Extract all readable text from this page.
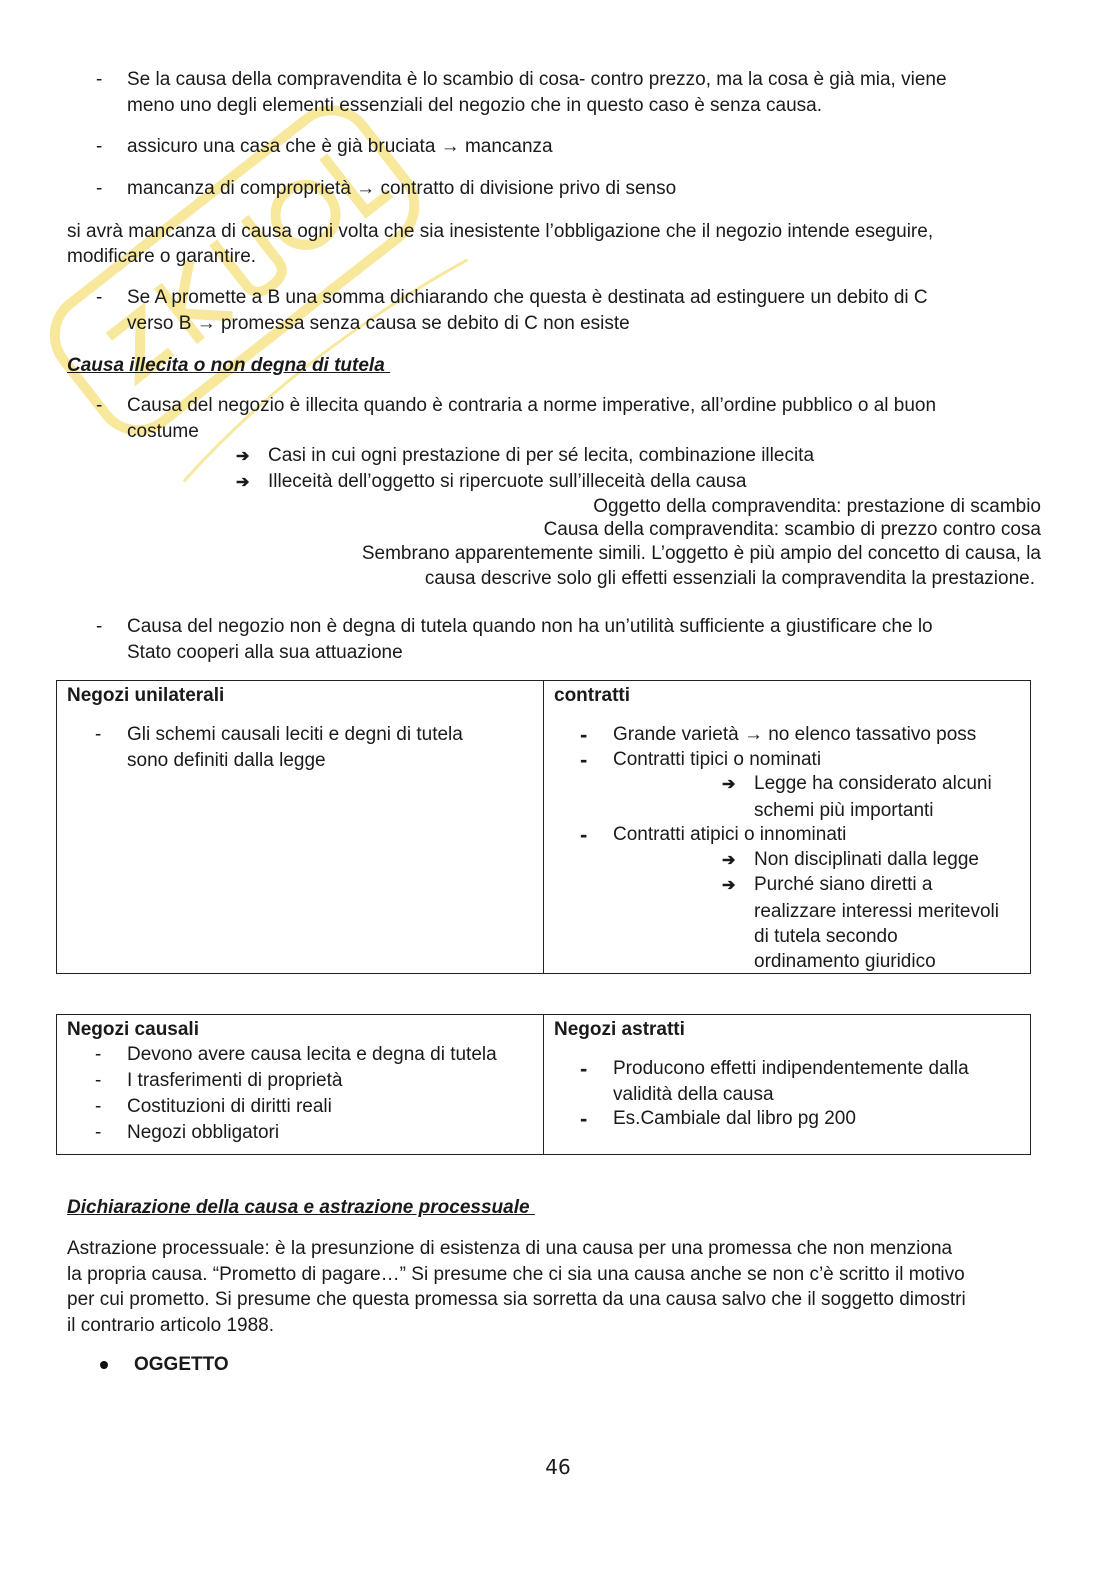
- Se la causa della compravendita è lo scambio di cosa- contro prezzo, ma la cosa è già mia, viene
meno uno degli elementi essenziali del negozio che in questo caso è senza causa.
- assicuro una casa che è già bruciata → mancanza
- mancanza di comproprietà → contratto di divisione privo di senso
si avrà mancanza di causa ogni volta che sia inesistente l’obbligazione che il negozio intende eseguire,
modificare o garantire.
- Se A promette a B una somma dichiarando che questa è destinata ad estinguere un debito di C
verso B → promessa senza causa se debito di C non esiste
Causa illecita o non degna di tutela
- Causa del negozio è illecita quando è contraria a norme imperative, all’ordine pubblico o al buon
costume
➔ Casi in cui ogni prestazione di per sé lecita, combinazione illecita
➔ Illeceità dell’oggetto si ripercuote sull’illeceità della causa
Oggetto della compravendita: prestazione di scambio
Causa della compravendita: scambio di prezzo contro cosa
Sembrano apparentemente simili. L’oggetto è più ampio del concetto di causa, la
causa descrive solo gli effetti essenziali la compravendita la prestazione.
- Causa del negozio non è degna di tutela quando non ha un’utilità sufficiente a giustificare che lo
Stato cooperi alla sua attuazione
Negozi unilaterali
- Gli schemi causali leciti e degni di tutela
sono definiti dalla legge

contratti
- Grande varietà → no elenco tassativo poss
- Contratti tipici o nominati
➔ Legge ha considerato alcuni
schemi più importanti
- Contratti atipici o innominati
➔ Non disciplinati dalla legge
➔ Purché siano diretti a
realizzare interessi meritevoli
di tutela secondo
ordinamento giuridico
Negozi causali
- Devono avere causa lecita e degna di tutela
- I trasferimenti di proprietà
- Costituzioni di diritti reali
- Negozi obbligatori

Negozi astratti
- Producono effetti indipendentemente dalla
validità della causa
- Es.Cambiale dal libro pg 200
Dichiarazione della causa e astrazione processuale
Astrazione processuale: è la presunzione di esistenza di una causa per una promessa che non menziona
la propria causa. “Prometto di pagare…” Si presume che ci sia una causa anche se non c’è scritto il motivo
per cui prometto. Si presume che questa promessa sia sorretta da una causa salvo che il soggetto dimostri
il contrario articolo 1988.
OGGETTO
46
